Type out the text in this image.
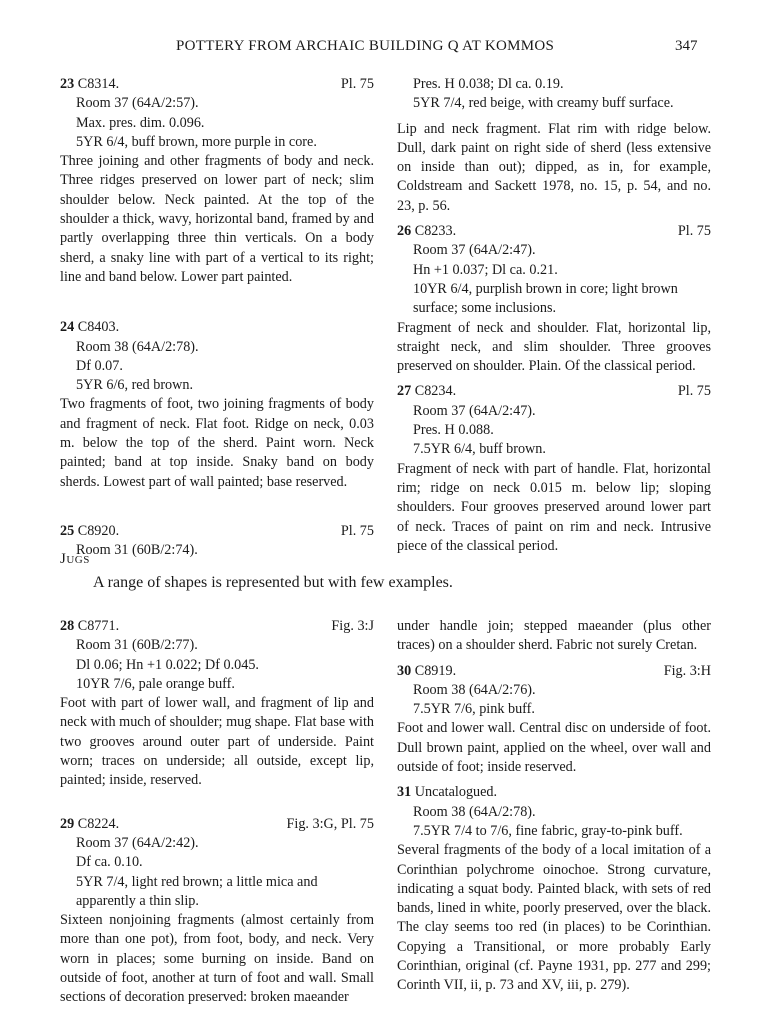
POTTERY FROM ARCHAIC BUILDING Q AT KOMMOS	347
23 C8314.	Pl. 75
Room 37 (64A/2:57).
Max. pres. dim. 0.096.
5YR 6/4, buff brown, more purple in core.
Three joining and other fragments of body and neck. Three ridges preserved on lower part of neck; slim shoulder below. Neck painted. At the top of the shoulder a thick, wavy, horizontal band, framed by and partly overlapping three thin verticals. On a body sherd, a snaky line with part of a vertical to its right; line and band below. Lower part painted.
24 C8403.
Room 38 (64A/2:78).
Df 0.07.
5YR 6/6, red brown.
Two fragments of foot, two joining fragments of body and fragment of neck. Flat foot. Ridge on neck, 0.03 m. below the top of the sherd. Paint worn. Neck painted; band at top inside. Snaky band on body sherds. Lowest part of wall painted; base reserved.
25 C8920.	Pl. 75
Room 31 (60B/2:74).
Pres. H 0.038; Dl ca. 0.19.
5YR 7/4, red beige, with creamy buff surface.
Lip and neck fragment. Flat rim with ridge below. Dull, dark paint on right side of sherd (less extensive on inside than out); dipped, as in, for example, Coldstream and Sackett 1978, no. 15, p. 54, and no. 23, p. 56.
26 C8233.	Pl. 75
Room 37 (64A/2:47).
Hn +1 0.037; Dl ca. 0.21.
10YR 6/4, purplish brown in core; light brown surface; some inclusions.
Fragment of neck and shoulder. Flat, horizontal lip, straight neck, and slim shoulder. Three grooves preserved on shoulder. Plain. Of the classical period.
27 C8234.	Pl. 75
Room 37 (64A/2:47).
Pres. H 0.088.
7.5YR 6/4, buff brown.
Fragment of neck with part of handle. Flat, horizontal rim; ridge on neck 0.015 m. below lip; sloping shoulders. Four grooves preserved around lower part of neck. Traces of paint on rim and neck. Intrusive piece of the classical period.
Jugs
A range of shapes is represented but with few examples.
28 C8771.	Fig. 3:J
Room 31 (60B/2:77).
Dl 0.06; Hn +1 0.022; Df 0.045.
10YR 7/6, pale orange buff.
Foot with part of lower wall, and fragment of lip and neck with much of shoulder; mug shape. Flat base with two grooves around outer part of underside. Paint worn; traces on underside; all outside, except lip, painted; inside, reserved.
29 C8224.	Fig. 3:G, Pl. 75
Room 37 (64A/2:42).
Df ca. 0.10.
5YR 7/4, light red brown; a little mica and apparently a thin slip.
Sixteen nonjoining fragments (almost certainly from more than one pot), from foot, body, and neck. Very worn in places; some burning on inside. Band on outside of foot, another at turn of foot and wall. Small sections of decoration preserved: broken maeander
under handle join; stepped maeander (plus other traces) on a shoulder sherd. Fabric not surely Cretan.
30 C8919.	Fig. 3:H
Room 38 (64A/2:76).
7.5YR 7/6, pink buff.
Foot and lower wall. Central disc on underside of foot. Dull brown paint, applied on the wheel, over wall and outside of foot; inside reserved.
31 Uncatalogued.
Room 38 (64A/2:78).
7.5YR 7/4 to 7/6, fine fabric, gray-to-pink buff.
Several fragments of the body of a local imitation of a Corinthian polychrome oinochoe. Strong curvature, indicating a squat body. Painted black, with sets of red bands, lined in white, poorly preserved, over the black. The clay seems too red (in places) to be Corinthian. Copying a Transitional, or more probably Early Corinthian, original (cf. Payne 1931, pp. 277 and 299; Corinth VII, ii, p. 73 and XV, iii, p. 279).
